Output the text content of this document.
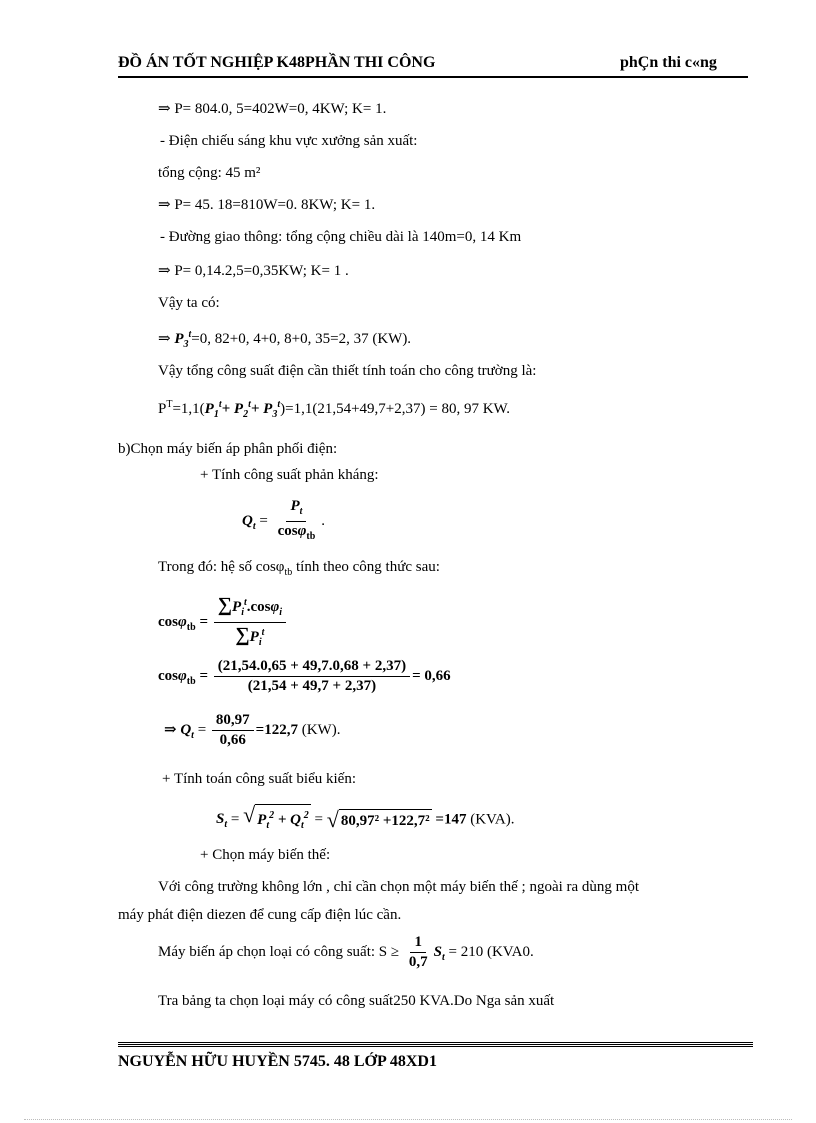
ĐỒ ÁN TỐT NGHIỆP K48PHẦN THI CÔNG	phÇn thi c«ng
⇒ P= 804.0, 5=402W=0, 4KW; K= 1.
- Điện chiếu sáng khu vực xưởng sản xuất:
tổng cộng: 45 m²
⇒ P= 45. 18=810W=0. 8KW; K= 1.
- Đường giao thông: tổng cộng chiều dài là 140m=0, 14 Km
⇒ P= 0,14.2,5=0,35KW; K= 1 .
Vậy ta có:
⇒ $P_3^t=0$, 82+0, 4+0, 8+0, 35=2, 37 (KW).
Vậy tổng công suất điện cần thiết tính toán cho công trường là:
$P^T=1,1(P_1^t+ P_2^t+ P_3^t)=1,1(21,54+49,7+2,37) = 80$, 97 KW.
b)Chọn máy biến áp phân phối điện:
+ Tính công suất phản kháng:
$Q_t = \frac{P_t}{\cos\varphi_{tb}}$ .
Trong đó: hệ số cosφ$_{tb}$ tính theo công thức sau:
$\cos\varphi_{tb} = \frac{\sum P_i^t.\cos\varphi_i}{\sum P_i^t}$
$\cos\varphi_{tb} = \frac{(21,54.0,65 + 49,7.0,68 + 2,37)}{(21,54 + 49,7 + 2,37)} = 0,66$
⇒ $Q_t = \frac{80,97}{0,66} =122,7$ (KW).
+ Tính toán công suất biểu kiến:
$S_t$ = √ $P_t^2 + Q_t^2$ = √ 80,97² +122,7² =147 (KVA).
+ Chọn máy biến thế:
Với công trường không lớn , chỉ cần chọn một máy biến thế ; ngoài ra dùng một
máy phát điện diezen để cung cấp điện lúc cần.
Máy biến áp chọn loại có công suất: $S \ge \frac{1}{0,7} S_t = 210$ (KVA0.
Tra bảng ta chọn loại máy có công suất250 KVA.Do Nga sản xuất
NGUYỄN HỮU HUYỀN 5745. 48 LỚP 48XD1
